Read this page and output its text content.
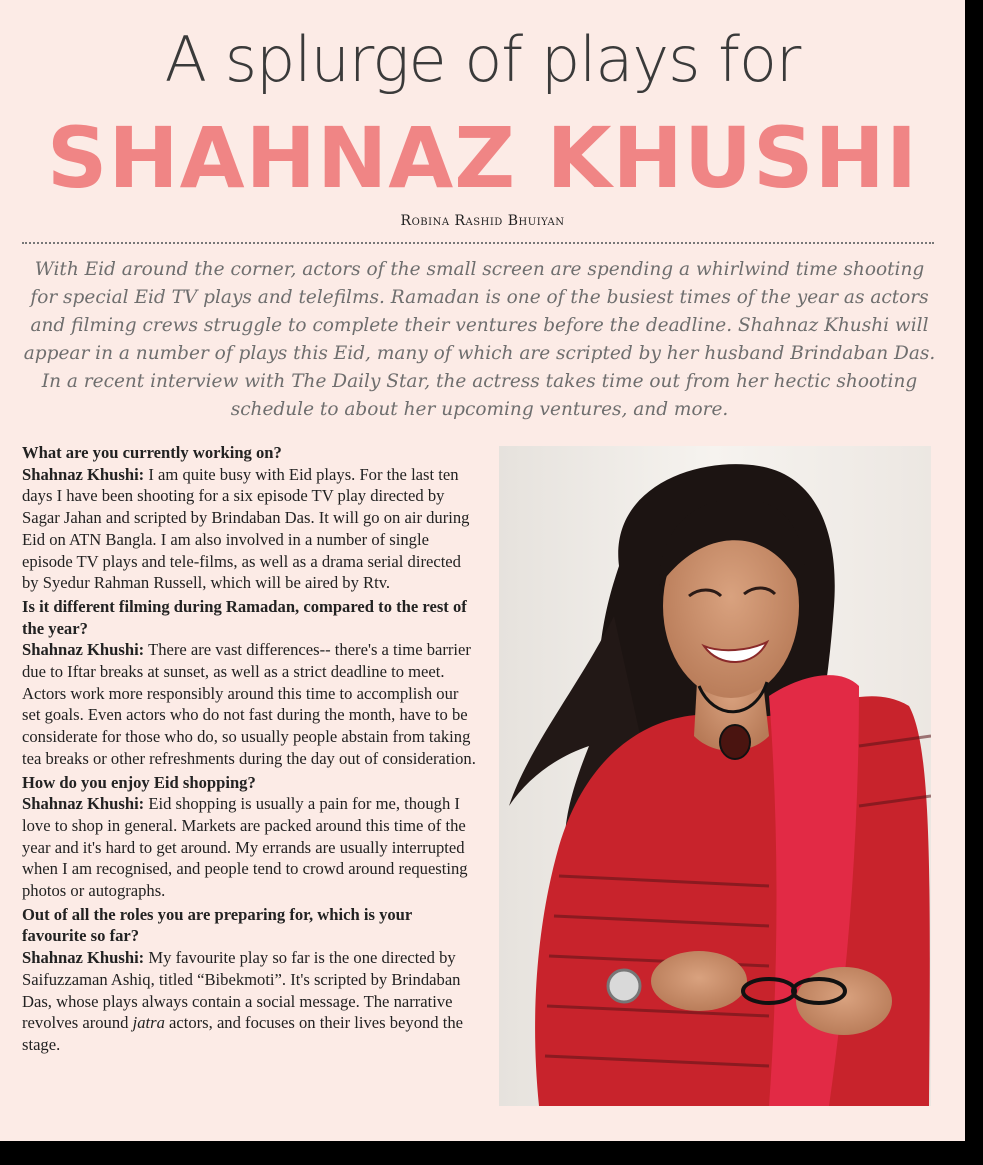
A splurge of plays for
SHAHNAZ KHUSHI
Robina Rashid Bhuiyan
With Eid around the corner, actors of the small screen are spending a whirlwind time shooting for special Eid TV plays and telefilms. Ramadan is one of the busiest times of the year as actors and filming crews struggle to complete their ventures before the deadline. Shahnaz Khushi will appear in a number of plays this Eid, many of which are scripted by her husband Brindaban Das. In a recent interview with The Daily Star, the actress takes time out from her hectic shooting schedule to about her upcoming ventures, and more.

What are you currently working on?

Shahnaz Khushi: I am quite busy with Eid plays. For the last ten days I have been shooting for a six episode TV play directed by Sagar Jahan and scripted by Brindaban Das. It will go on air during Eid on ATN Bangla. I am also involved in a number of single episode TV plays and tele-films, as well as a drama serial directed by Syedur Rahman Russell, which will be aired by Rtv.

Is it different filming during Ramadan, compared to the rest of the year?

Shahnaz Khushi: There are vast differences-- there's a time barrier due to Iftar breaks at sunset, as well as a strict deadline to meet. Actors work more responsibly around this time to accomplish our set goals. Even actors who do not fast during the month, have to be considerate for those who do, so usually people abstain from taking tea breaks or other refreshments during the day out of consideration.

How do you enjoy Eid shopping?

Shahnaz Khushi: Eid shopping is usually a pain for me, though I love to shop in general. Markets are packed around this time of the year and it's hard to get around. My errands are usually interrupted when I am recognised, and people tend to crowd around requesting photos or autographs.

Out of all the roles you are preparing for, which is your favourite so far?

Shahnaz Khushi: My favourite play so far is the one directed by Saifuzzaman Ashiq, titled “Bibekmoti”. It's scripted by Brindaban Das, whose plays always contain a social message. The narrative revolves around jatra actors, and focuses on their lives beyond the stage.
